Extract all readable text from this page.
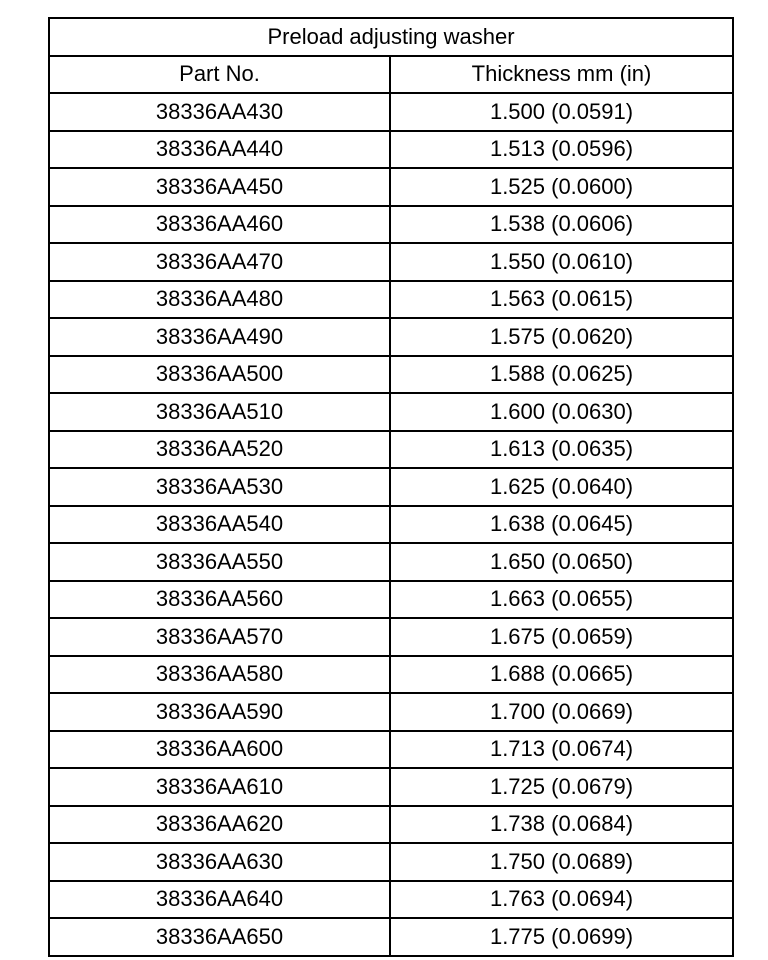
Preload adjusting washer	
Part No.	Thickness mm (in)
38336AA430	1.500 (0.0591)
38336AA440	1.513 (0.0596)
38336AA450	1.525 (0.0600)
38336AA460	1.538 (0.0606)
38336AA470	1.550 (0.0610)
38336AA480	1.563 (0.0615)
38336AA490	1.575 (0.0620)
38336AA500	1.588 (0.0625)
38336AA510	1.600 (0.0630)
38336AA520	1.613 (0.0635)
38336AA530	1.625 (0.0640)
38336AA540	1.638 (0.0645)
38336AA550	1.650 (0.0650)
38336AA560	1.663 (0.0655)
38336AA570	1.675 (0.0659)
38336AA580	1.688 (0.0665)
38336AA590	1.700 (0.0669)
38336AA600	1.713 (0.0674)
38336AA610	1.725 (0.0679)
38336AA620	1.738 (0.0684)
38336AA630	1.750 (0.0689)
38336AA640	1.763 (0.0694)
38336AA650	1.775 (0.0699)
